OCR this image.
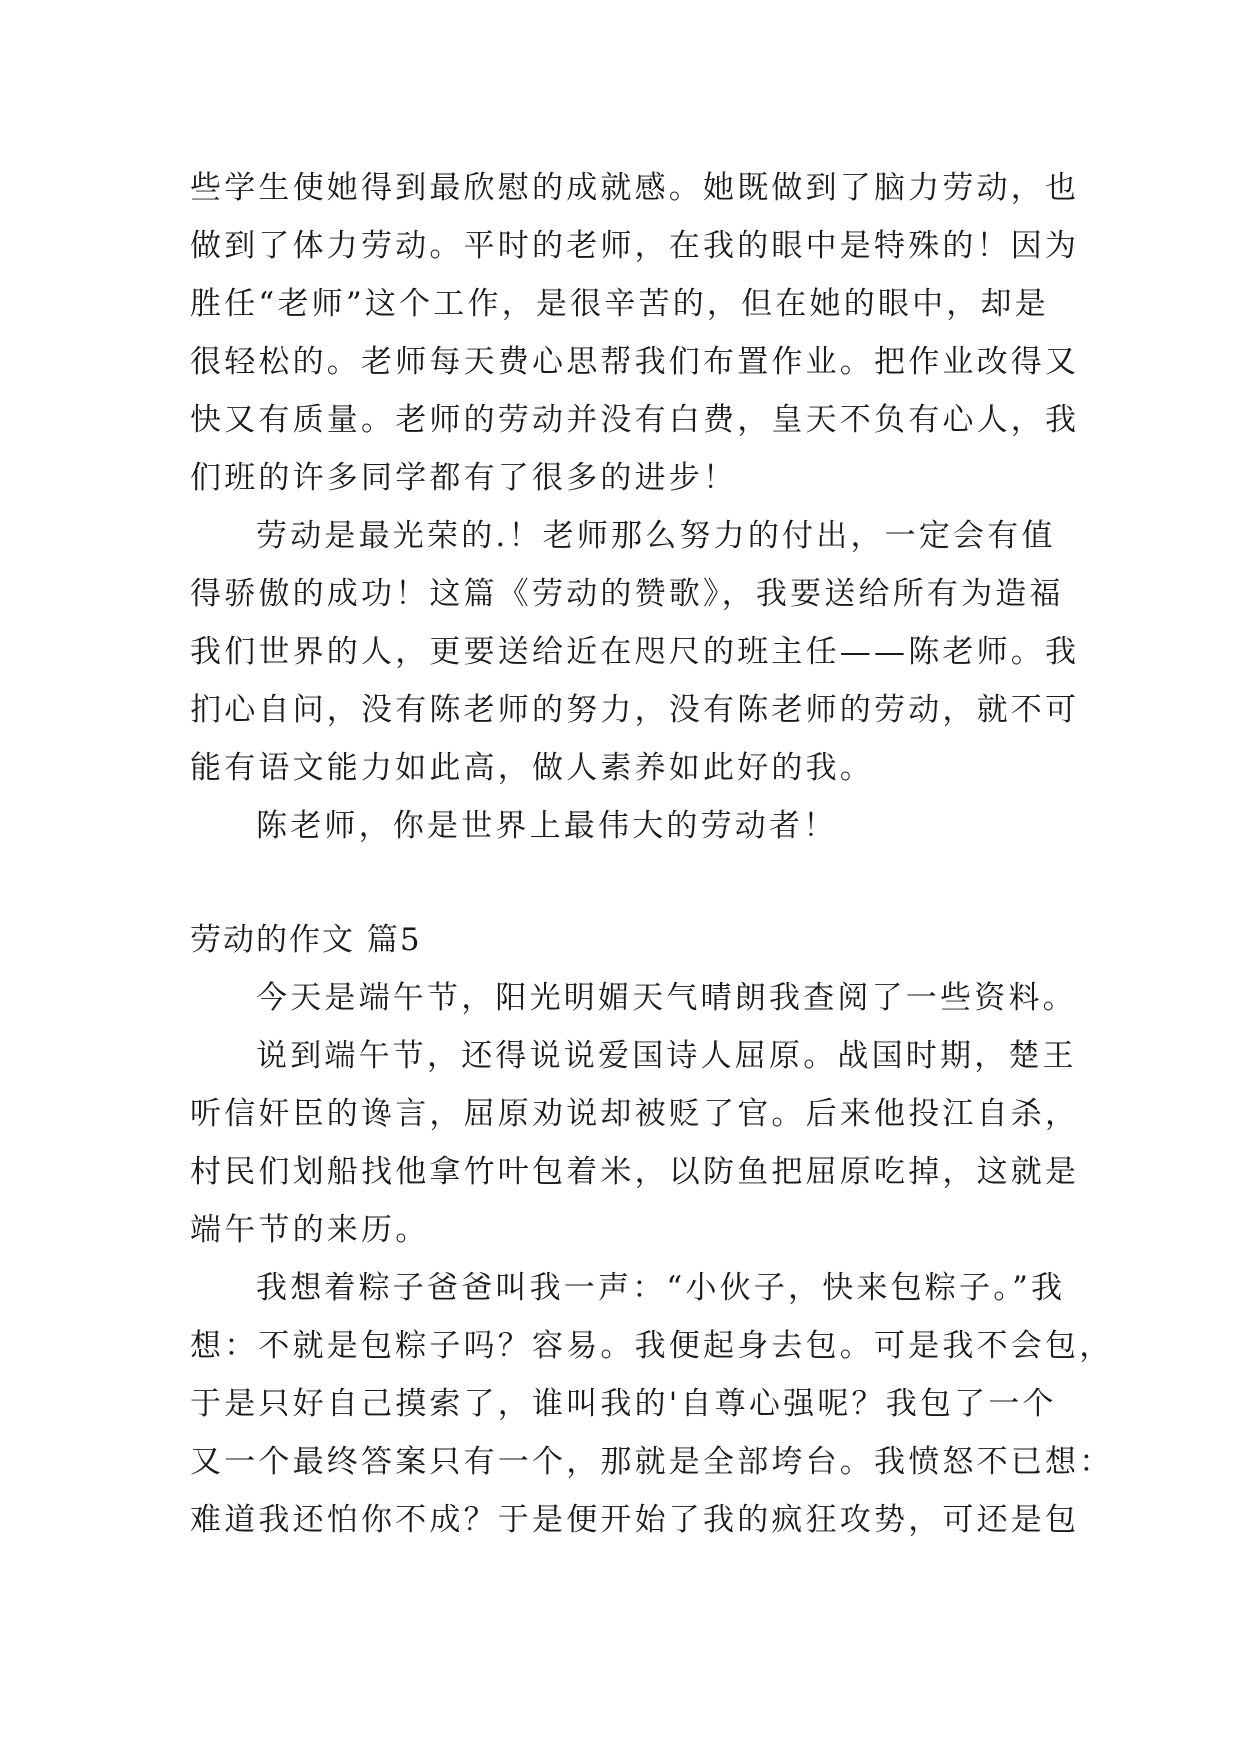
些学生使她得到最欣慰的成就感。她既做到了脑力劳动，也
做到了体力劳动。平时的老师，在我的眼中是特殊的！因为
胜任“老师”这个工作，是很辛苦的，但在她的眼中，却是
很轻松的。老师每天费心思帮我们布置作业。把作业改得又
快又有质量。老师的劳动并没有白费，皇天不负有心人，我
们班的许多同学都有了很多的进步！
劳动是最光荣的.！老师那么努力的付出，一定会有值
得骄傲的成功！这篇《劳动的赞歌》，我要送给所有为造福
我们世界的人，更要送给近在咫尺的班主任——陈老师。我
扪心自问，没有陈老师的努力，没有陈老师的劳动，就不可
能有语文能力如此高，做人素养如此好的我。
陈老师，你是世界上最伟大的劳动者！
劳动的作文 篇5
今天是端午节，阳光明媚天气晴朗我查阅了一些资料。
说到端午节，还得说说爱国诗人屈原。战国时期，楚王
听信奸臣的谗言，屈原劝说却被贬了官。后来他投江自杀，
村民们划船找他拿竹叶包着米，以防鱼把屈原吃掉，这就是
端午节的来历。
我想着粽子爸爸叫我一声：“小伙子，快来包粽子。”我
想：不就是包粽子吗？容易。我便起身去包。可是我不会包，
于是只好自己摸索了，谁叫我的'自尊心强呢？我包了一个
又一个最终答案只有一个，那就是全部垮台。我愤怒不已想：
难道我还怕你不成？于是便开始了我的疯狂攻势，可还是包
